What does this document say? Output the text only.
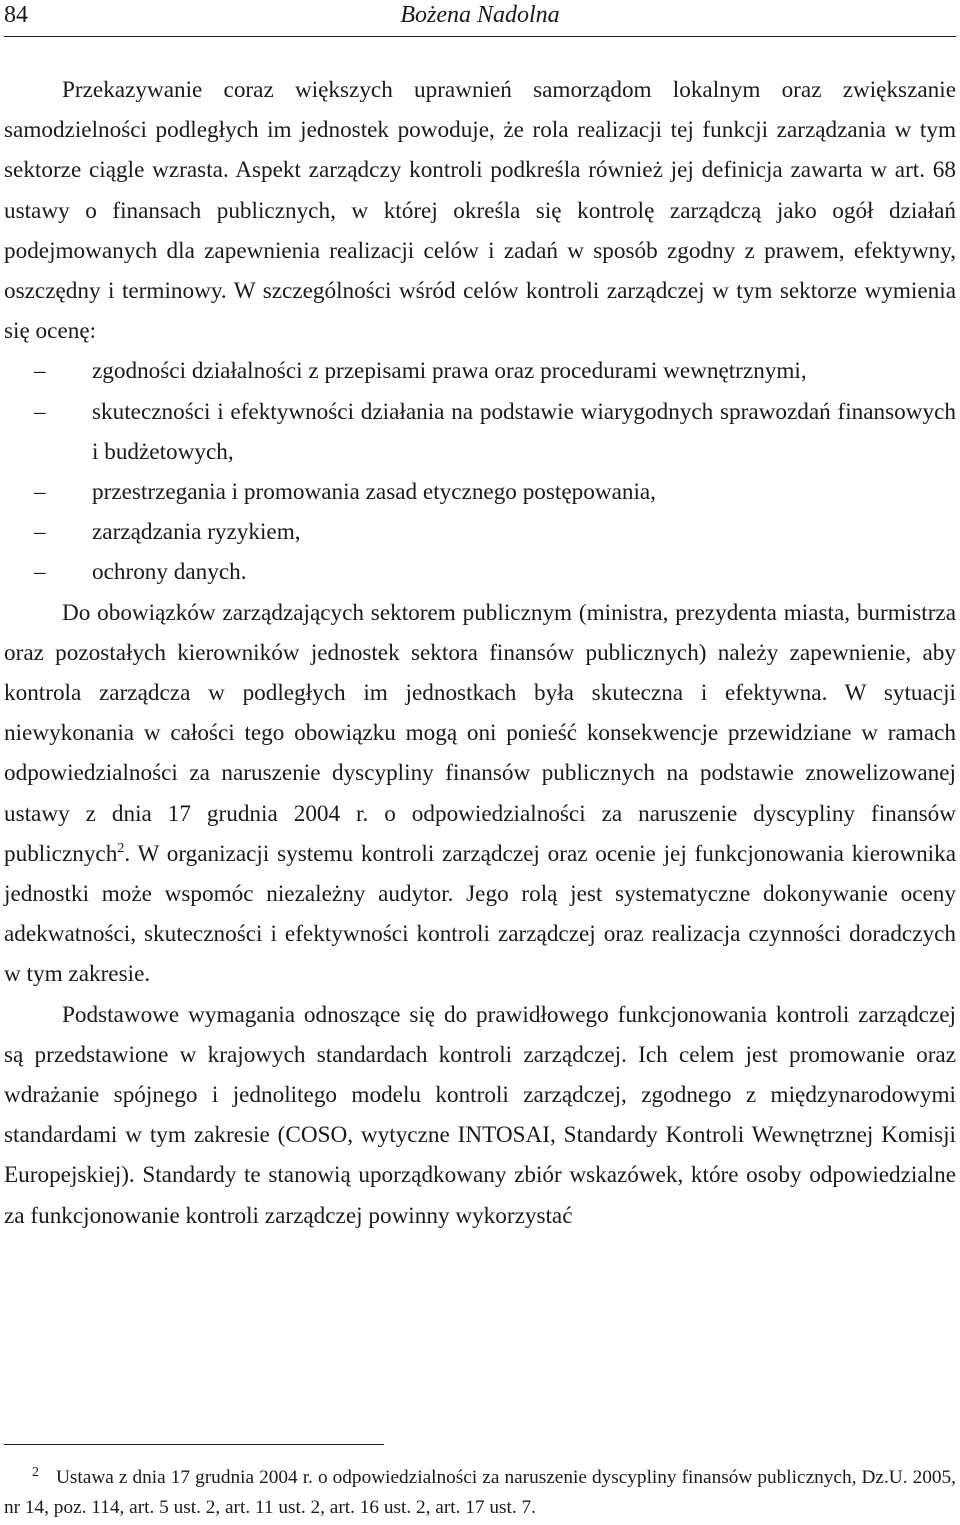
84	Bożena Nadolna

Przekazywanie coraz większych uprawnień samorządom lokalnym oraz zwiększanie samodzielności podległych im jednostek powoduje, że rola realizacji tej funkcji zarządzania w tym sektorze ciągle wzrasta. Aspekt zarządczy kontroli podkreśla również jej definicja zawarta w art. 68 ustawy o finansach publicznych, w której określa się kontrolę zarządczą jako ogół działań podejmowanych dla zapewnienia realizacji celów i zadań w sposób zgodny z prawem, efektywny, oszczędny i terminowy. W szczególności wśród celów kontroli zarządczej w tym sektorze wymienia się ocenę:

– zgodności działalności z przepisami prawa oraz procedurami wewnętrznymi,
– skuteczności i efektywności działania na podstawie wiarygodnych sprawozdań finansowych i budżetowych,
– przestrzegania i promowania zasad etycznego postępowania,
– zarządzania ryzykiem,
– ochrony danych.

Do obowiązków zarządzających sektorem publicznym (ministra, prezydenta miasta, burmistrza oraz pozostałych kierowników jednostek sektora finansów publicznych) należy zapewnienie, aby kontrola zarządcza w podległych im jednostkach była skuteczna i efektywna. W sytuacji niewykonania w całości tego obowiązku mogą oni ponieść konsekwencje przewidziane w ramach odpowiedzialności za naruszenie dyscypliny finansów publicznych na podstawie znowelizowanej ustawy z dnia 17 grudnia 2004 r. o odpowiedzialności za naruszenie dyscypliny finansów publicznych$^2$. W organizacji systemu kontroli zarządczej oraz ocenie jej funkcjonowania kierownika jednostki może wspomóc niezależny audytor. Jego rolą jest systematyczne dokonywanie oceny adekwatności, skuteczności i efektywności kontroli zarządczej oraz realizacja czynności doradczych w tym zakresie.

Podstawowe wymagania odnoszące się do prawidłowego funkcjonowania kontroli zarządczej są przedstawione w krajowych standardach kontroli zarządczej. Ich celem jest promowanie oraz wdrażanie spójnego i jednolitego modelu kontroli zarządczej, zgodnego z międzynarodowymi standardami w tym zakresie (COSO, wytyczne INTOSAI, Standardy Kontroli Wewnętrznej Komisji Europejskiej). Standardy te stanowią uporządkowany zbiór wskazówek, które osoby odpowiedzialne za funkcjonowanie kontroli zarządczej powinny wykorzystać

2 Ustawa z dnia 17 grudnia 2004 r. o odpowiedzialności za naruszenie dyscypliny finansów publicznych, Dz.U. 2005, nr 14, poz. 114, art. 5 ust. 2, art. 11 ust. 2, art. 16 ust. 2, art. 17 ust. 7.
